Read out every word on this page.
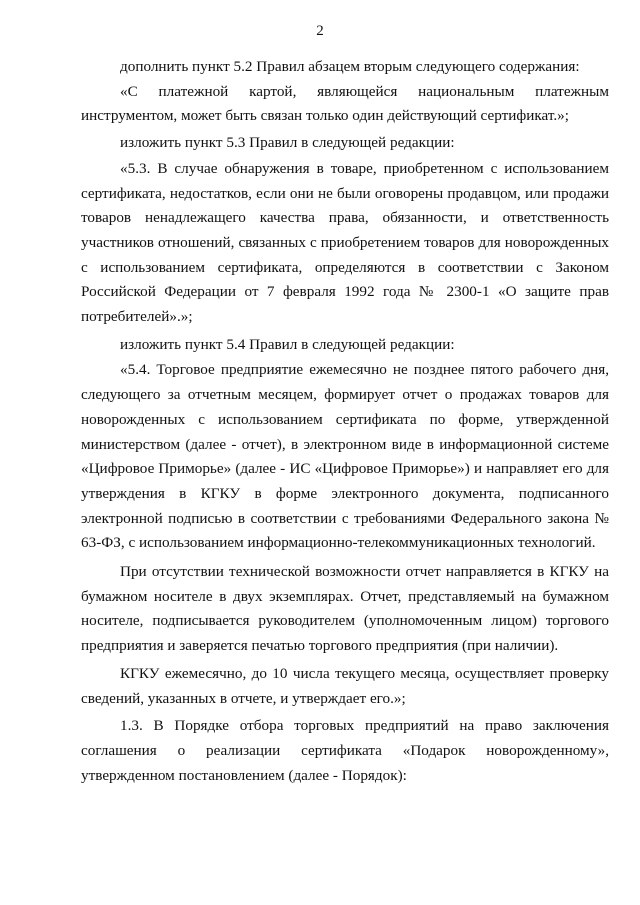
2

дополнить пункт 5.2 Правил абзацем вторым следующего содержания:

«С платежной картой, являющейся национальным платежным инструментом, может быть связан только один действующий сертификат.»;

изложить пункт 5.3 Правил в следующей редакции:

«5.3. В случае обнаружения в товаре, приобретенном с использованием сертификата, недостатков, если они не были оговорены продавцом, или продажи товаров ненадлежащего качества права, обязанности, и ответственность участников отношений, связанных с приобретением товаров для новорожденных с использованием сертификата, определяются в соответствии с Законом Российской Федерации от 7 февраля 1992 года № 2300-1 «О защите прав потребителей».»;

изложить пункт 5.4 Правил в следующей редакции:

«5.4. Торговое предприятие ежемесячно не позднее пятого рабочего дня, следующего за отчетным месяцем, формирует отчет о продажах товаров для новорожденных с использованием сертификата по форме, утвержденной министерством (далее - отчет), в электронном виде в информационной системе «Цифровое Приморье» (далее - ИС «Цифровое Приморье») и направляет его для утверждения в КГКУ в форме электронного документа, подписанного электронной подписью в соответствии с требованиями Федерального закона № 63-ФЗ, с использованием информационно-телекоммуникационных технологий.

При отсутствии технической возможности отчет направляется в КГКУ на бумажном носителе в двух экземплярах. Отчет, представляемый на бумажном носителе, подписывается руководителем (уполномоченным лицом) торгового предприятия и заверяется печатью торгового предприятия (при наличии).

КГКУ ежемесячно, до 10 числа текущего месяца, осуществляет проверку сведений, указанных в отчете, и утверждает его.»;

1.3. В Порядке отбора торговых предприятий на право заключения соглашения о реализации сертификата «Подарок новорожденному», утвержденном постановлением (далее - Порядок):
